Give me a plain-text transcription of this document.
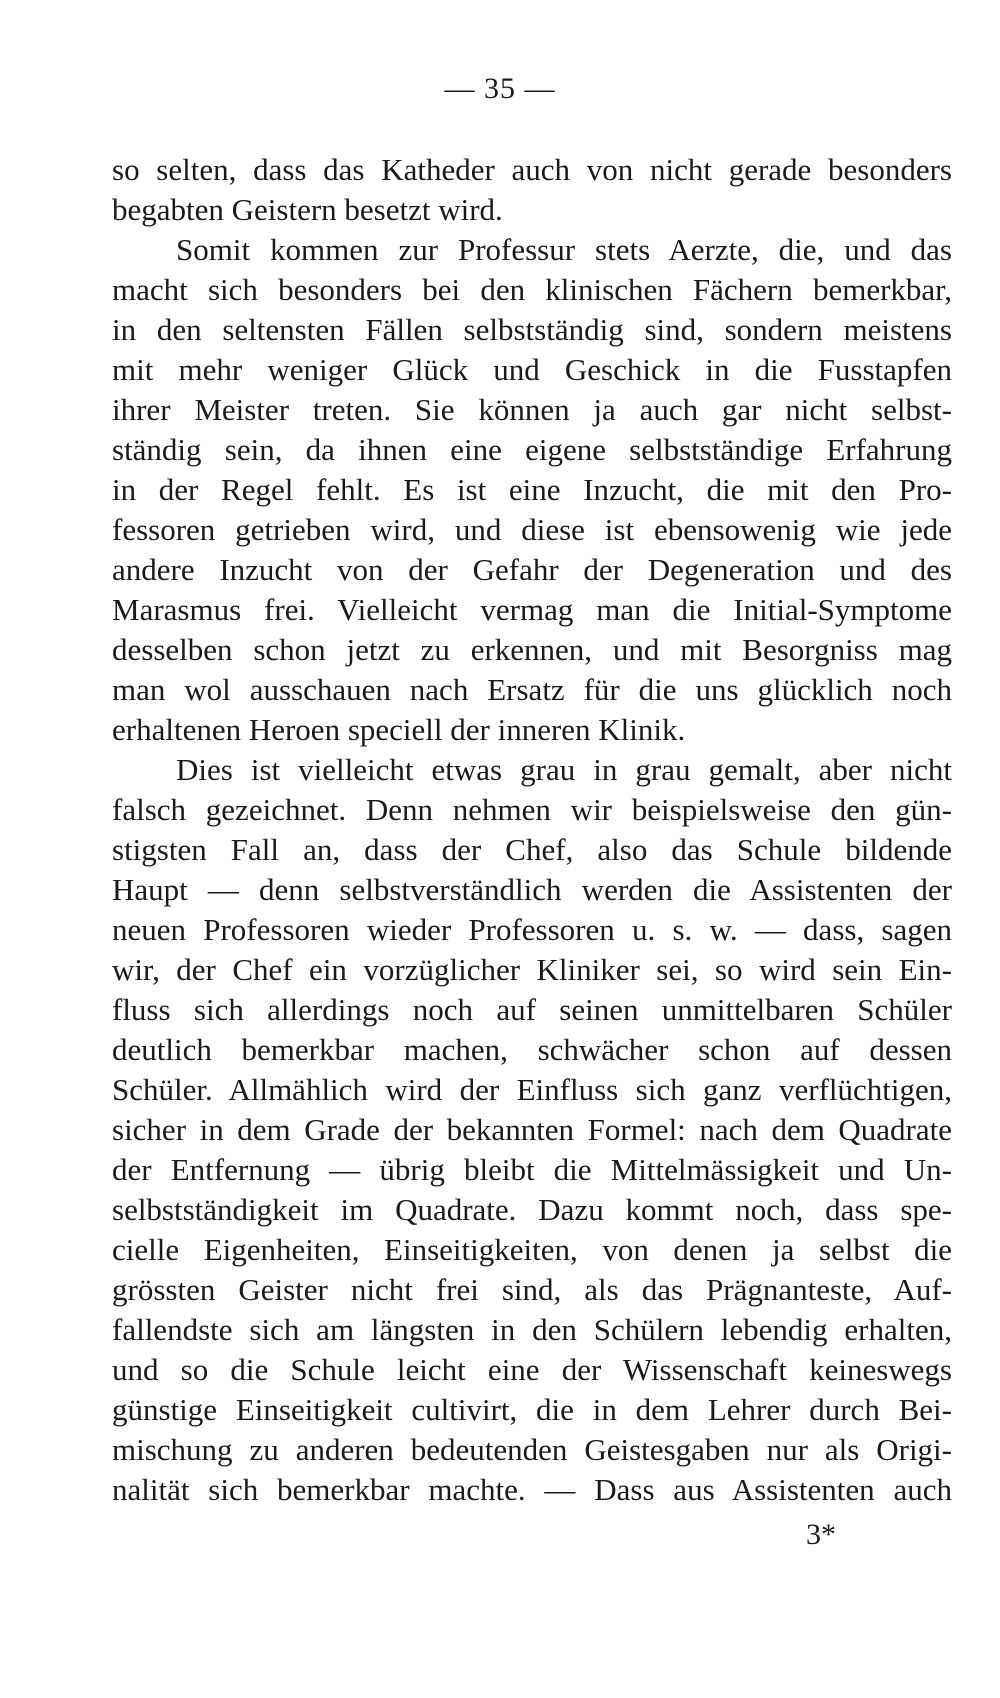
— 35 —
so selten, dass das Katheder auch von nicht gerade besonders
begabten Geistern besetzt wird.
Somit kommen zur Professur stets Aerzte, die, und das
macht sich besonders bei den klinischen Fächern bemerkbar,
in den seltensten Fällen selbstständig sind, sondern meistens
mit mehr weniger Glück und Geschick in die Fusstapfen
ihrer Meister treten. Sie können ja auch gar nicht selbst-
ständig sein, da ihnen eine eigene selbstständige Erfahrung
in der Regel fehlt. Es ist eine Inzucht, die mit den Pro-
fessoren getrieben wird, und diese ist ebensowenig wie jede
andere Inzucht von der Gefahr der Degeneration und des
Marasmus frei. Vielleicht vermag man die Initial-Symptome
desselben schon jetzt zu erkennen, und mit Besorgniss mag
man wol ausschauen nach Ersatz für die uns glücklich noch
erhaltenen Heroen speciell der inneren Klinik.
Dies ist vielleicht etwas grau in grau gemalt, aber nicht
falsch gezeichnet. Denn nehmen wir beispielsweise den gün-
stigsten Fall an, dass der Chef, also das Schule bildende
Haupt — denn selbstverständlich werden die Assistenten der
neuen Professoren wieder Professoren u. s. w. — dass, sagen
wir, der Chef ein vorzüglicher Kliniker sei, so wird sein Ein-
fluss sich allerdings noch auf seinen unmittelbaren Schüler
deutlich bemerkbar machen, schwächer schon auf dessen
Schüler. Allmählich wird der Einfluss sich ganz verflüchtigen,
sicher in dem Grade der bekannten Formel: nach dem Quadrate
der Entfernung — übrig bleibt die Mittelmässigkeit und Un-
selbstständigkeit im Quadrate. Dazu kommt noch, dass spe-
cielle Eigenheiten, Einseitigkeiten, von denen ja selbst die
grössten Geister nicht frei sind, als das Prägnanteste, Auf-
fallendste sich am längsten in den Schülern lebendig erhalten,
und so die Schule leicht eine der Wissenschaft keineswegs
günstige Einseitigkeit cultivirt, die in dem Lehrer durch Bei-
mischung zu anderen bedeutenden Geistesgaben nur als Origi-
nalität sich bemerkbar machte. — Dass aus Assistenten auch
3*
